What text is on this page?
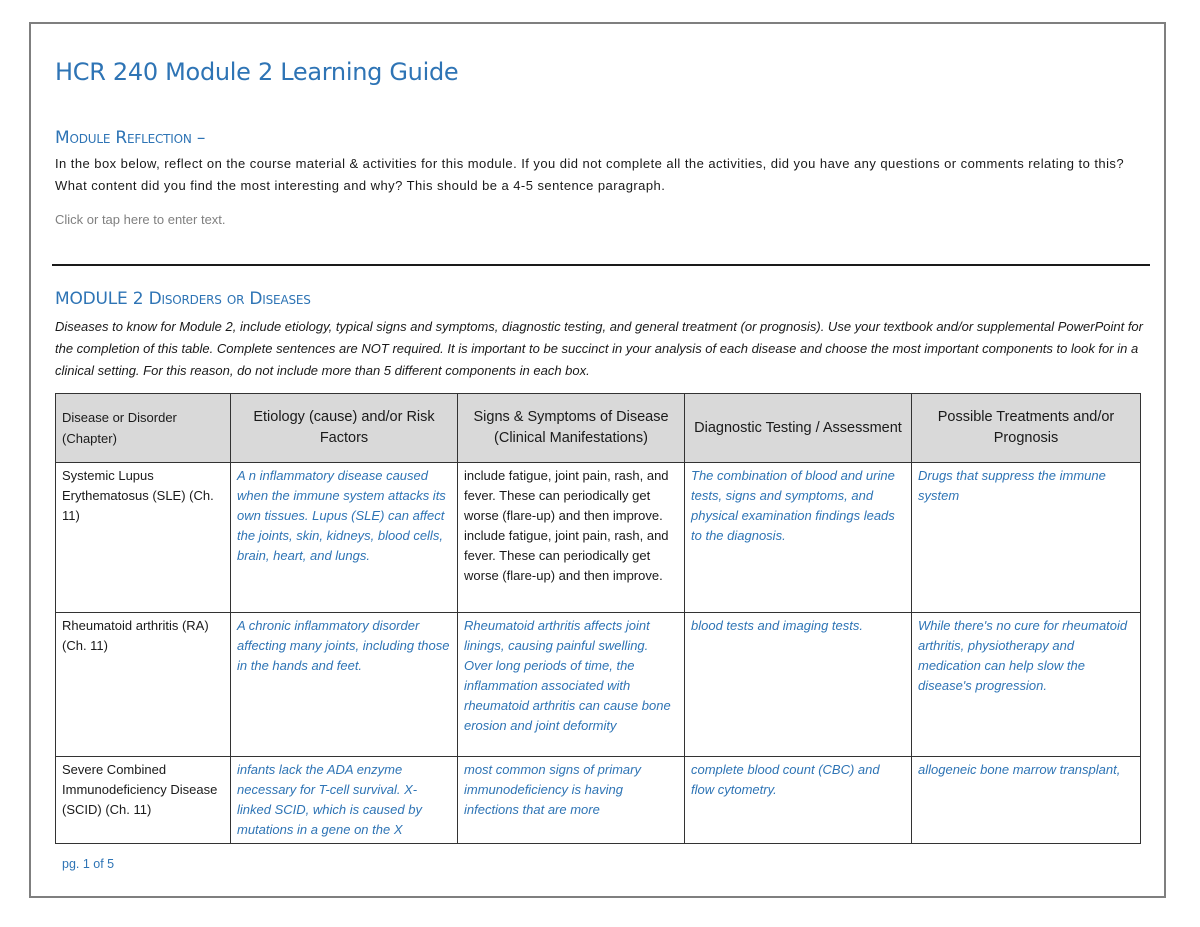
HCR 240 Module 2 Learning Guide
Module Reflection –
In the box below, reflect on the course material & activities for this module. If you did not complete all the activities, did you have any questions or comments relating to this? What content did you find the most interesting and why? This should be a 4-5 sentence paragraph.
Click or tap here to enter text.
MODULE 2 Disorders or Diseases
Diseases to know for Module 2, include etiology, typical signs and symptoms, diagnostic testing, and general treatment (or prognosis). Use your textbook and/or supplemental PowerPoint for the completion of this table. Complete sentences are NOT required. It is important to be succinct in your analysis of each disease and choose the most important components to look for in a clinical setting. For this reason, do not include more than 5 different components in each box.
Disease or Disorder (Chapter)	Etiology (cause) and/or Risk Factors	Signs & Symptoms of Disease (Clinical Manifestations)	Diagnostic Testing / Assessment	Possible Treatments and/or Prognosis
Systemic Lupus Erythematosus (SLE) (Ch. 11)	A n inflammatory disease caused when the immune system attacks its own tissues. Lupus (SLE) can affect the joints, skin, kidneys, blood cells, brain, heart, and lungs.	include fatigue, joint pain, rash, and fever. These can periodically get worse (flare-up) and then improve. include fatigue, joint pain, rash, and fever. These can periodically get worse (flare-up) and then improve.	The combination of blood and urine tests, signs and symptoms, and physical examination findings leads to the diagnosis.	Drugs that suppress the immune system
Rheumatoid arthritis (RA) (Ch. 11)	A chronic inflammatory disorder affecting many joints, including those in the hands and feet.	Rheumatoid arthritis affects joint linings, causing painful swelling. Over long periods of time, the inflammation associated with rheumatoid arthritis can cause bone erosion and joint deformity	blood tests and imaging tests.	While there's no cure for rheumatoid arthritis, physiotherapy and medication can help slow the disease's progression.
Severe Combined Immunodeficiency Disease (SCID) (Ch. 11)	infants lack the ADA enzyme necessary for T-cell survival. X-linked SCID, which is caused by mutations in a gene on the X	most common signs of primary immunodeficiency is having infections that are more	complete blood count (CBC) and flow cytometry.	allogeneic bone marrow transplant,
pg. 1 of 5
